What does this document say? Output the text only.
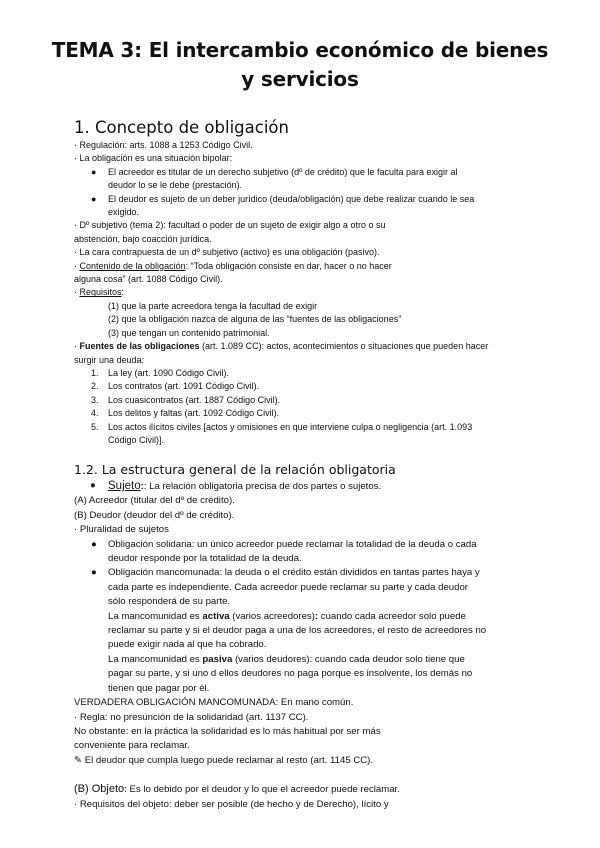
TEMA 3: El intercambio económico de bienes
y servicios
1. Concepto de obligación
· Regulación: arts. 1088 a 1253 Código Civil.
· La obligación es una situación bipolar:
● El acreedor es titular de un derecho subjetivo (dº de crédito) que le faculta para exigir al
deudor lo se le debe (prestación).
● El deudor es sujeto de un deber jurídico (deuda/obligación) que debe realizar cuando le sea
exigido.
· Dº subjetivo (tema 2): facultad o poder de un sujeto de exigir algo a otro o su
abstención, bajo coacción jurídica.
· La cara contrapuesta de un dº subjetivo (activo) es una obligación (pasivo).
· Contenido de la obligación: “Toda obligación consiste en dar, hacer o no hacer
alguna cosa” (art. 1088 Código Civil).
· Requisitos:
(1) que la parte acreedora tenga la facultad de exigir
(2) que la obligación nazca de alguna de las “fuentes de las obligaciones”
(3) que tengan un contenido patrimonial.
· Fuentes de las obligaciones (art. 1.089 CC): actos, acontecimientos o situaciones que pueden hacer
surgir una deuda:
1. La ley (art. 1090 Código Civil).
2. Los contratos (art. 1091 Código Civil).
3. Los cuasicontratos (art. 1887 Código Civil).
4. Los delitos y faltas (art. 1092 Código Civil).
5. Los actos ilícitos civiles [actos y omisiones en que interviene culpa o negligencia (art. 1.093
Código Civil)].
1.2. La estructura general de la relación obligatoria
● Sujeto:: La relación obligatoria precisa de dos partes o sujetos.
(A) Acreedor (titular del dº de crédito).
(B) Deudor (deudor del dº de crédito).
· Pluralidad de sujetos
● Obligación solidaria: un único acreedor puede reclamar la totalidad de la deuda o cada
deudor responde por la totalidad de la deuda.
● Obligación mancomunada: la deuda o el crédito están divididos en tantas partes haya y
cada parte es independiente. Cada acreedor puede reclamar su parte y cada deudor
sólo responderá de su parte.
La mancomunidad es activa (varios acreedores): cuando cada acreedor solo puede
reclamar su parte y si el deudor paga a una de los acreedores, el resto de acreedores no
puede exigir nada al que ha cobrado.
La mancomunidad es pasiva (varios deudores): cuando cada deudor solo tiene que
pagar su parte, y si uno d ellos deudores no paga porque es insolvente, los demás no
tienen que pagar por él.
VERDADERA OBLIGACIÓN MANCOMUNADA: En mano común.
· Regla: no presunción de la solidaridad (art. 1137 CC).
No obstante: en la práctica la solidaridad es lo más habitual por ser más
conveniente para reclamar.
✎ El deudor que cumpla luego puede reclamar al resto (art. 1145 CC).
(B) Objeto: Es lo debido por el deudor y lo que el acreedor puede reclamar.
· Requisitos del objeto: deber ser posible (de hecho y de Derecho), lícito y
